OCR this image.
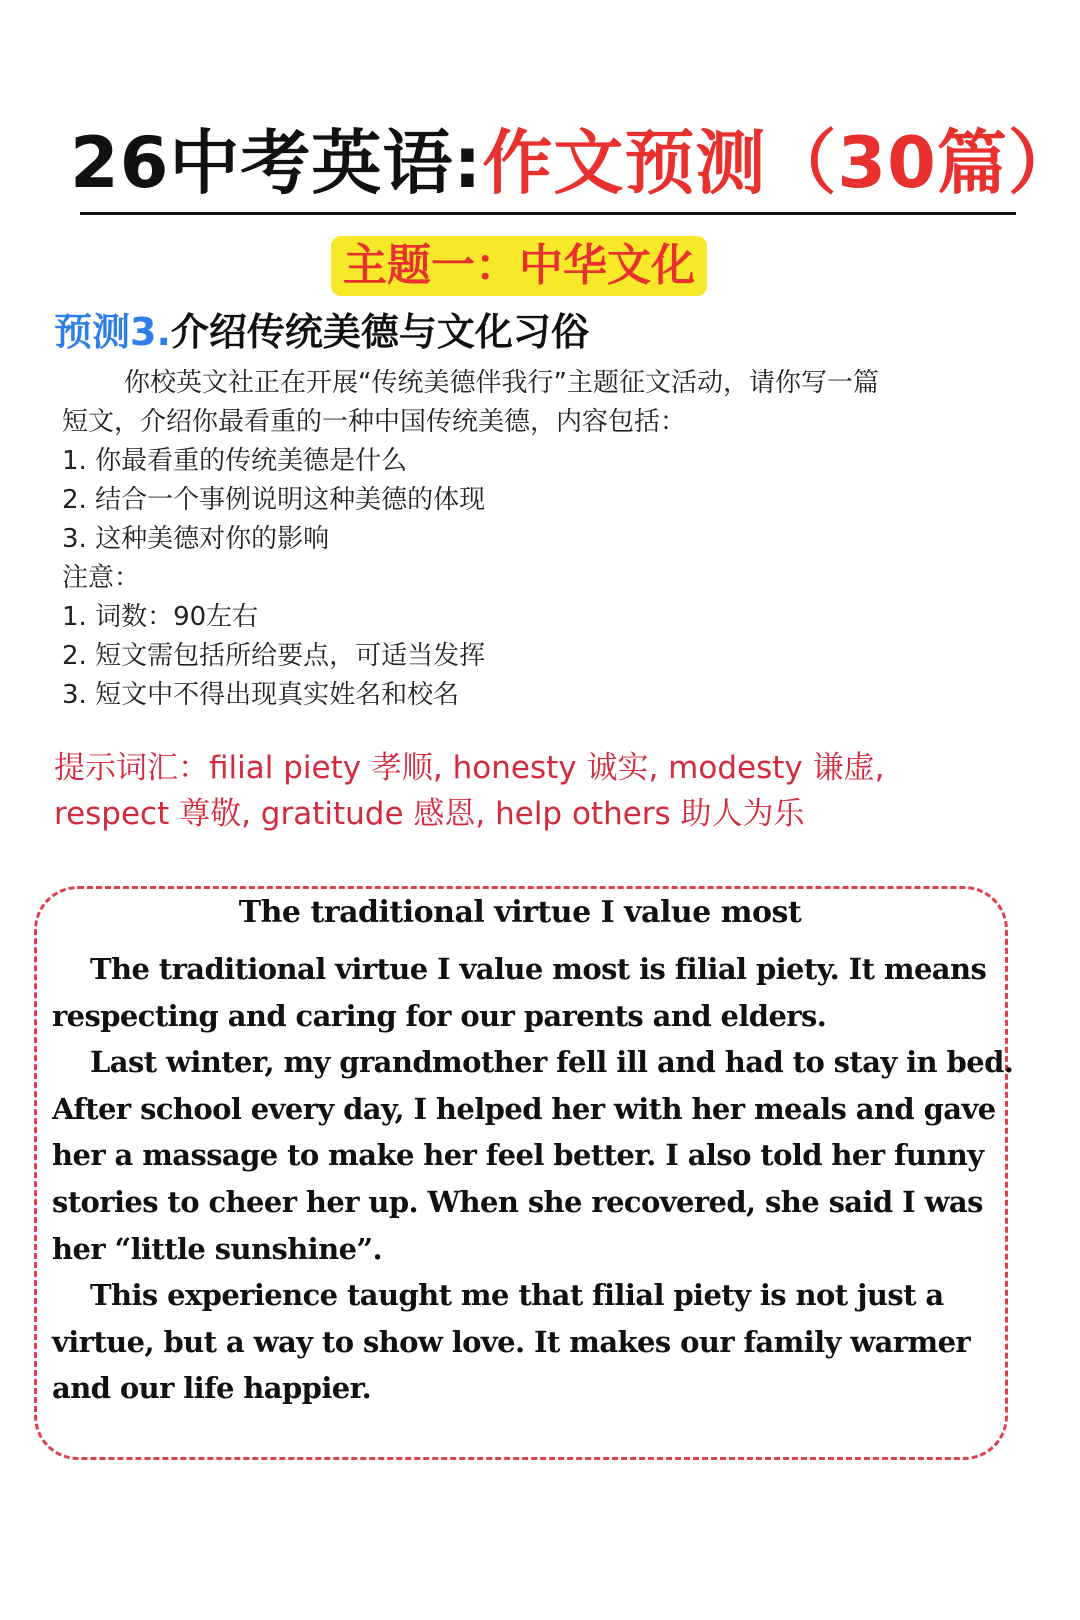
26中考英语:作文预测（30篇）
主题一：中华文化
预测3.介绍传统美德与文化习俗
你校英文社正在开展“传统美德伴我行”主题征文活动，请你写一篇
短文，介绍你最看重的一种中国传统美德，内容包括：
1. 你最看重的传统美德是什么
2. 结合一个事例说明这种美德的体现
3. 这种美德对你的影响
注意：
1. 词数：90左右
2. 短文需包括所给要点，可适当发挥
3. 短文中不得出现真实姓名和校名
提示词汇：filial piety 孝顺, honesty 诚实, modesty 谦虚,
respect 尊敬, gratitude 感恩, help others 助人为乐
The traditional virtue I value most
The traditional virtue I value most is filial piety. It means
respecting and caring for our parents and elders.
Last winter, my grandmother fell ill and had to stay in bed.
After school every day, I helped her with her meals and gave
her a massage to make her feel better. I also told her funny
stories to cheer her up. When she recovered, she said I was
her “little sunshine”.
This experience taught me that filial piety is not just a
virtue, but a way to show love. It makes our family warmer
and our life happier.
